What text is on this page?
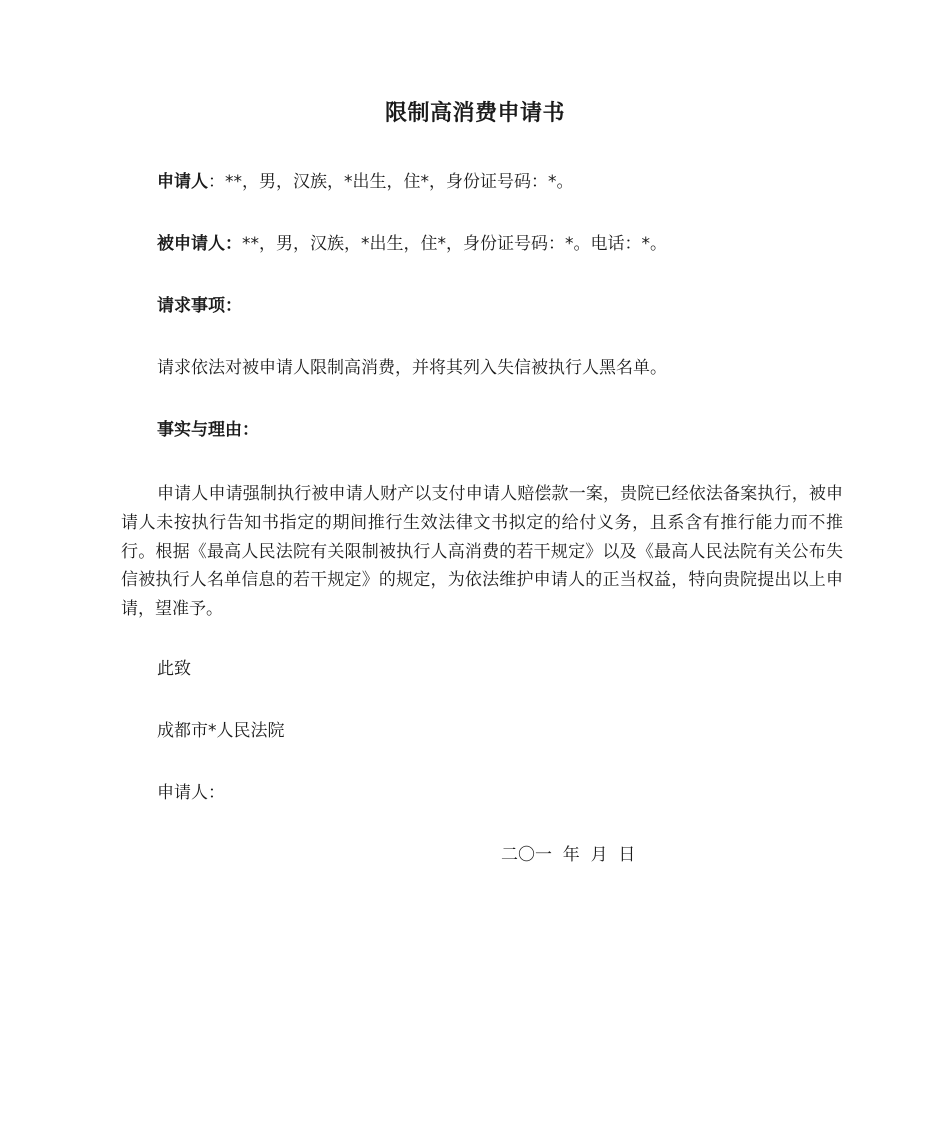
限制高消费申请书
申请人：**，男，汉族，*出生，住*，身份证号码：*。
被申请人：**，男，汉族，*出生，住*，身份证号码：*。电话：*。
请求事项：
请求依法对被申请人限制高消费，并将其列入失信被执行人黑名单。
事实与理由：
申请人申请强制执行被申请人财产以支付申请人赔偿款一案，贵院已经依法备案执行，被申请人未按执行告知书指定的期间推行生效法律文书拟定的给付义务，且系含有推行能力而不推行。根据《最高人民法院有关限制被执行人高消费的若干规定》以及《最高人民法院有关公布失信被执行人名单信息的若干规定》的规定，为依法维护申请人的正当权益，特向贵院提出以上申请，望准予。
此致
成都市*人民法院
申请人：
二〇一  年  月  日
